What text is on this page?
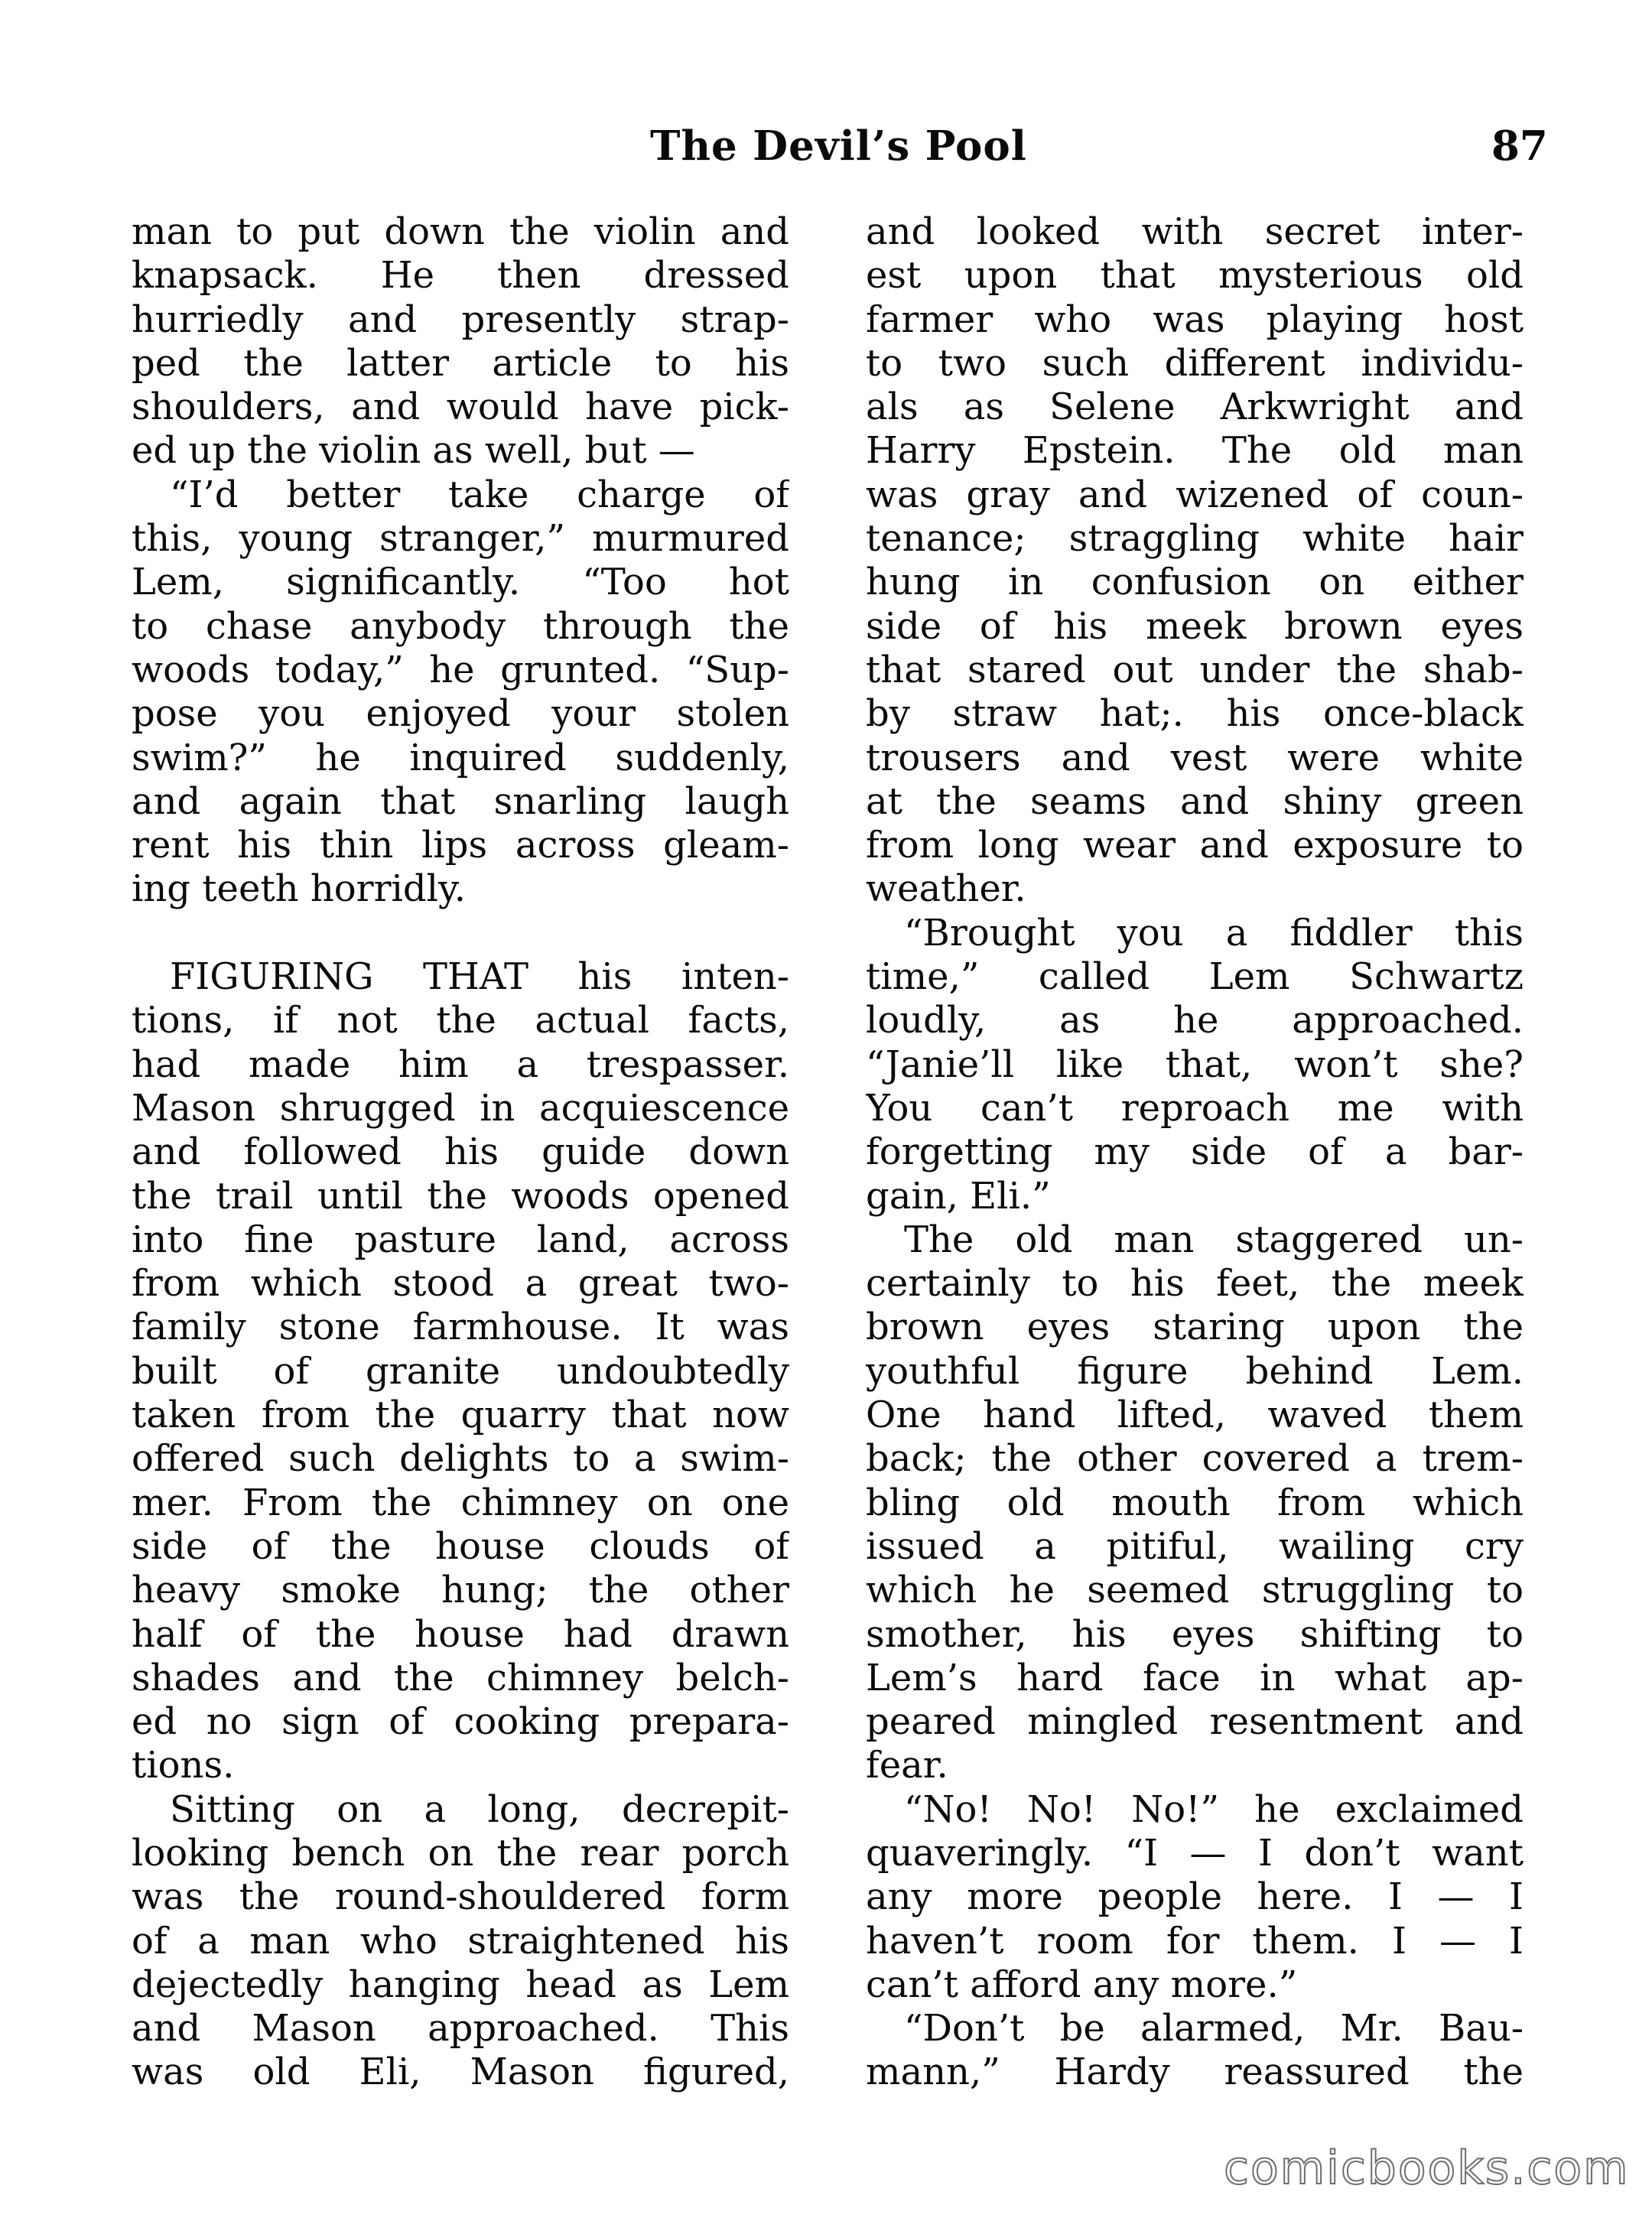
The Devil’s Pool	87
man to put down the violin and
knapsack. He then dressed
hurriedly and presently strap-
ped the latter article to his
shoulders, and would have pick-
ed up the violin as well, but —
“I’d better take charge of
this, young stranger,” murmured
Lem, significantly. “Too hot
to chase anybody through the
woods today,” he grunted. “Sup-
pose you enjoyed your stolen
swim?” he inquired suddenly,
and again that snarling laugh
rent his thin lips across gleam-
ing teeth horridly.
FIGURING THAT his inten-
tions, if not the actual facts,
had made him a trespasser.
Mason shrugged in acquiescence
and followed his guide down
the trail until the woods opened
into fine pasture land, across
from which stood a great two-
family stone farmhouse. It was
built of granite undoubtedly
taken from the quarry that now
offered such delights to a swim-
mer. From the chimney on one
side of the house clouds of
heavy smoke hung; the other
half of the house had drawn
shades and the chimney belch-
ed no sign of cooking prepara-
tions.
Sitting on a long, decrepit-
looking bench on the rear porch
was the round-shouldered form
of a man who straightened his
dejectedly hanging head as Lem
and Mason approached. This
was old Eli, Mason figured,
and looked with secret inter-
est upon that mysterious old
farmer who was playing host
to two such different individu-
als as Selene Arkwright and
Harry Epstein. The old man
was gray and wizened of coun-
tenance; straggling white hair
hung in confusion on either
side of his meek brown eyes
that stared out under the shab-
by straw hat;. his once-black
trousers and vest were white
at the seams and shiny green
from long wear and exposure to
weather.
“Brought you a fiddler this
time,” called Lem Schwartz
loudly, as he approached.
“Janie’ll like that, won’t she?
You can’t reproach me with
forgetting my side of a bar-
gain, Eli.”
The old man staggered un-
certainly to his feet, the meek
brown eyes staring upon the
youthful figure behind Lem.
One hand lifted, waved them
back; the other covered a trem-
bling old mouth from which
issued a pitiful, wailing cry
which he seemed struggling to
smother, his eyes shifting to
Lem’s hard face in what ap-
peared mingled resentment and
fear.
“No! No! No!” he exclaimed
quaveringly. “I — I don’t want
any more people here. I — I
haven’t room for them. I — I
can’t afford any more.”
“Don’t be alarmed, Mr. Bau-
mann,” Hardy reassured the
comicbooks.com
